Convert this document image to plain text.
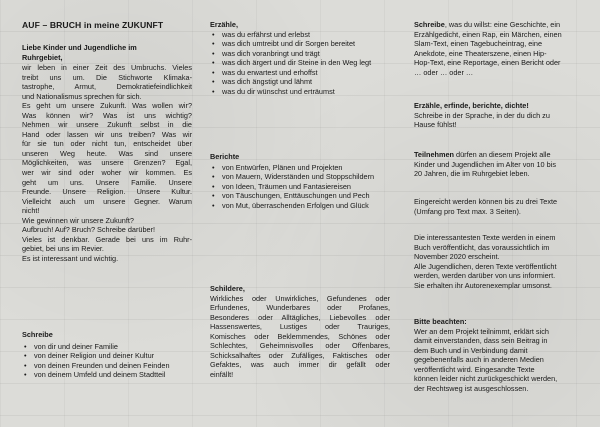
AUF – BRUCH in meine ZUKUNFT
Liebe Kinder und Jugendliche im
Ruhrgebiet,
wir leben in einer Zeit des Umbruchs. Vieles
treibt uns um. Die Stichworte Klimaka-
tastrophe, Armut, Demokratiefeindlichkeit
und Nationalismus sprechen für sich.
Es geht um unsere Zukunft. Was wollen wir?
Was können wir? Was ist uns wichtig?
Nehmen wir unsere Zukunft selbst in die
Hand oder lassen wir uns treiben? Was wir
für sie tun oder nicht tun, entscheidet über
unseren Weg heute. Was sind unsere
Möglichkeiten, was unsere Grenzen? Egal,
wer wir sind oder woher wir kommen. Es
geht um uns. Unsere Familie. Unsere
Freunde. Unsere Religion. Unsere Kultur.
Vielleicht auch um unsere Gegner. Warum
nicht!
Wie gewinnen wir unsere Zukunft?
Aufbruch! Auf? Bruch? Schreibe darüber!
Vieles ist denkbar. Gerade bei uns im Ruhr-
gebiet, bei uns im Revier.
Es ist interessant und wichtig.
Schreibe
• von dir und deiner Familie
• von deiner Religion und deiner Kultur
• von deinen Freunden und deinen Feinden
• von deinem Umfeld und deinem Stadtteil
Erzähle,
• was du erfährst und erlebst
• was dich umtreibt und dir Sorgen bereitet
• was dich voranbringt und trägt
• was dich ärgert und dir Steine in den Weg legt
• was du erwartest und erhoffst
• was dich ängstigt und lähmt
• was du dir wünschst und erträumst
Berichte
• von Entwürfen, Plänen und Projekten
• von Mauern, Widerständen und Stoppschildern
• von Ideen, Träumen und Fantasiereisen
• von Täuschungen, Enttäuschungen und Pech
• von Mut, überraschenden Erfolgen und Glück
Schildere,
Wirkliches oder Unwirkliches, Gefundenes oder
Erfundenes, Wunderbares oder Profanes,
Besonderes oder Alltägliches, Liebevolles oder
Hassenswertes, Lustiges oder Trauriges,
Komisches oder Beklemmendes, Schönes oder
Schlechtes, Geheimnisvolles oder Offenbares,
Schicksalhaftes oder Zufälliges, Faktisches oder
Gefaktes, was auch immer dir gefällt oder
einfällt!
Schreibe, was du willst: eine Geschichte, ein
Erzählgedicht, einen Rap, ein Märchen, einen
Slam-Text, einen Tagebucheintrag, eine
Anekdote, eine Theaterszene, einen Hip-
Hop-Text, eine Reportage, einen Bericht oder
… oder … oder …
Erzähle, erfinde, berichte, dichte!
Schreibe in der Sprache, in der du dich zu
Hause fühlst!
Teilnehmen dürfen an diesem Projekt alle
Kinder und Jugendlichen im Alter von 10 bis
20 Jahren, die im Ruhrgebiet leben.
Eingereicht werden können bis zu drei Texte
(Umfang pro Text max. 3 Seiten).
Die interessantesten Texte werden in einem
Buch veröffentlicht, das voraussichtlich im
November 2020 erscheint.
Alle Jugendlichen, deren Texte veröffentlicht
werden, werden darüber von uns informiert.
Sie erhalten ihr Autorenexemplar umsonst.
Bitte beachten:
Wer an dem Projekt teilnimmt, erklärt sich
damit einverstanden, dass sein Beitrag in
dem Buch und in Verbindung damit
gegebenenfalls auch in anderen Medien
veröffentlicht wird. Eingesandte Texte
können leider nicht zurückgeschickt werden,
der Rechtsweg ist ausgeschlossen.
